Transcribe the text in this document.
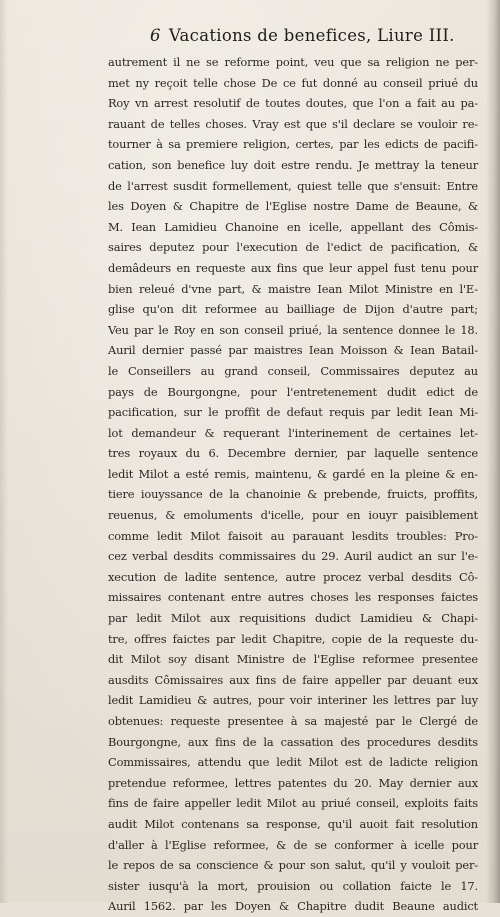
6 Vacations de benefices, Liure III.
autrement il ne se reforme point, veu que sa religion ne per-
met ny reçoit telle chose De ce fut donné au conseil priué du
Roy vn arrest resolutif de toutes doutes, que l'on a fait au pa-
rauant de telles choses. Vray est que s'il declare se vouloir re-
tourner à sa premiere religion, certes, par les edicts de pacifi-
cation, son benefice luy doit estre rendu. Je mettray la teneur
de l'arrest susdit formellement, quiest telle que s'ensuit: Entre
les Doyen & Chapitre de l'Eglise nostre Dame de Beaune, &
M. Iean Lamidieu Chanoine en icelle, appellant des Cômis-
saires deputez pour l'execution de l'edict de pacification, &
demâdeurs en requeste aux fins que leur appel fust tenu pour
bien releué d'vne part, & maistre Iean Milot Ministre en l'E-
glise qu'on dit reformee au bailliage de Dijon d'autre part;
Veu par le Roy en son conseil priué, la sentence donnee le 18.
Auril dernier passé par maistres Iean Moisson & Iean Batail-
le Conseillers au grand conseil, Commissaires deputez au
pays de Bourgongne, pour l'entretenement dudit edict de
pacification, sur le proffit de defaut requis par ledit Iean Mi-
lot demandeur & requerant l'interinement de certaines let-
tres royaux du 6. Decembre dernier, par laquelle sentence
ledit Milot a esté remis, maintenu, & gardé en la pleine & en-
tiere iouyssance de la chanoinie & prebende, fruicts, proffits,
reuenus, & emoluments d'icelle, pour en iouyr paisiblement
comme ledit Milot faisoit au parauant lesdits troubles: Pro-
cez verbal desdits commissaires du 29. Auril audict an sur l'e-
xecution de ladite sentence, autre procez verbal desdits Cô-
missaires contenant entre autres choses les responses faictes
par ledit Milot aux requisitions dudict Lamidieu & Chapi-
tre, offres faictes par ledit Chapitre, copie de la requeste du-
dit Milot soy disant Ministre de l'Eglise reformee presentee
ausdits Cômissaires aux fins de faire appeller par deuant eux
ledit Lamidieu & autres, pour voir interiner les lettres par luy
obtenues: requeste presentee à sa majesté par le Clergé de
Bourgongne, aux fins de la cassation des procedures desdits
Commissaires, attendu que ledit Milot est de ladicte religion
pretendue reformee, lettres patentes du 20. May dernier aux
fins de faire appeller ledit Milot au priué conseil, exploits faits
audit Milot contenans sa response, qu'il auoit fait resolution
d'aller à l'Eglise reformee, & de se conformer à icelle pour
le repos de sa conscience & pour son salut, qu'il y vouloit per-
sister iusqu'à la mort, prouision ou collation faicte le 17.
Auril 1562. par les Doyen & Chapitre dudit Beaune audict
